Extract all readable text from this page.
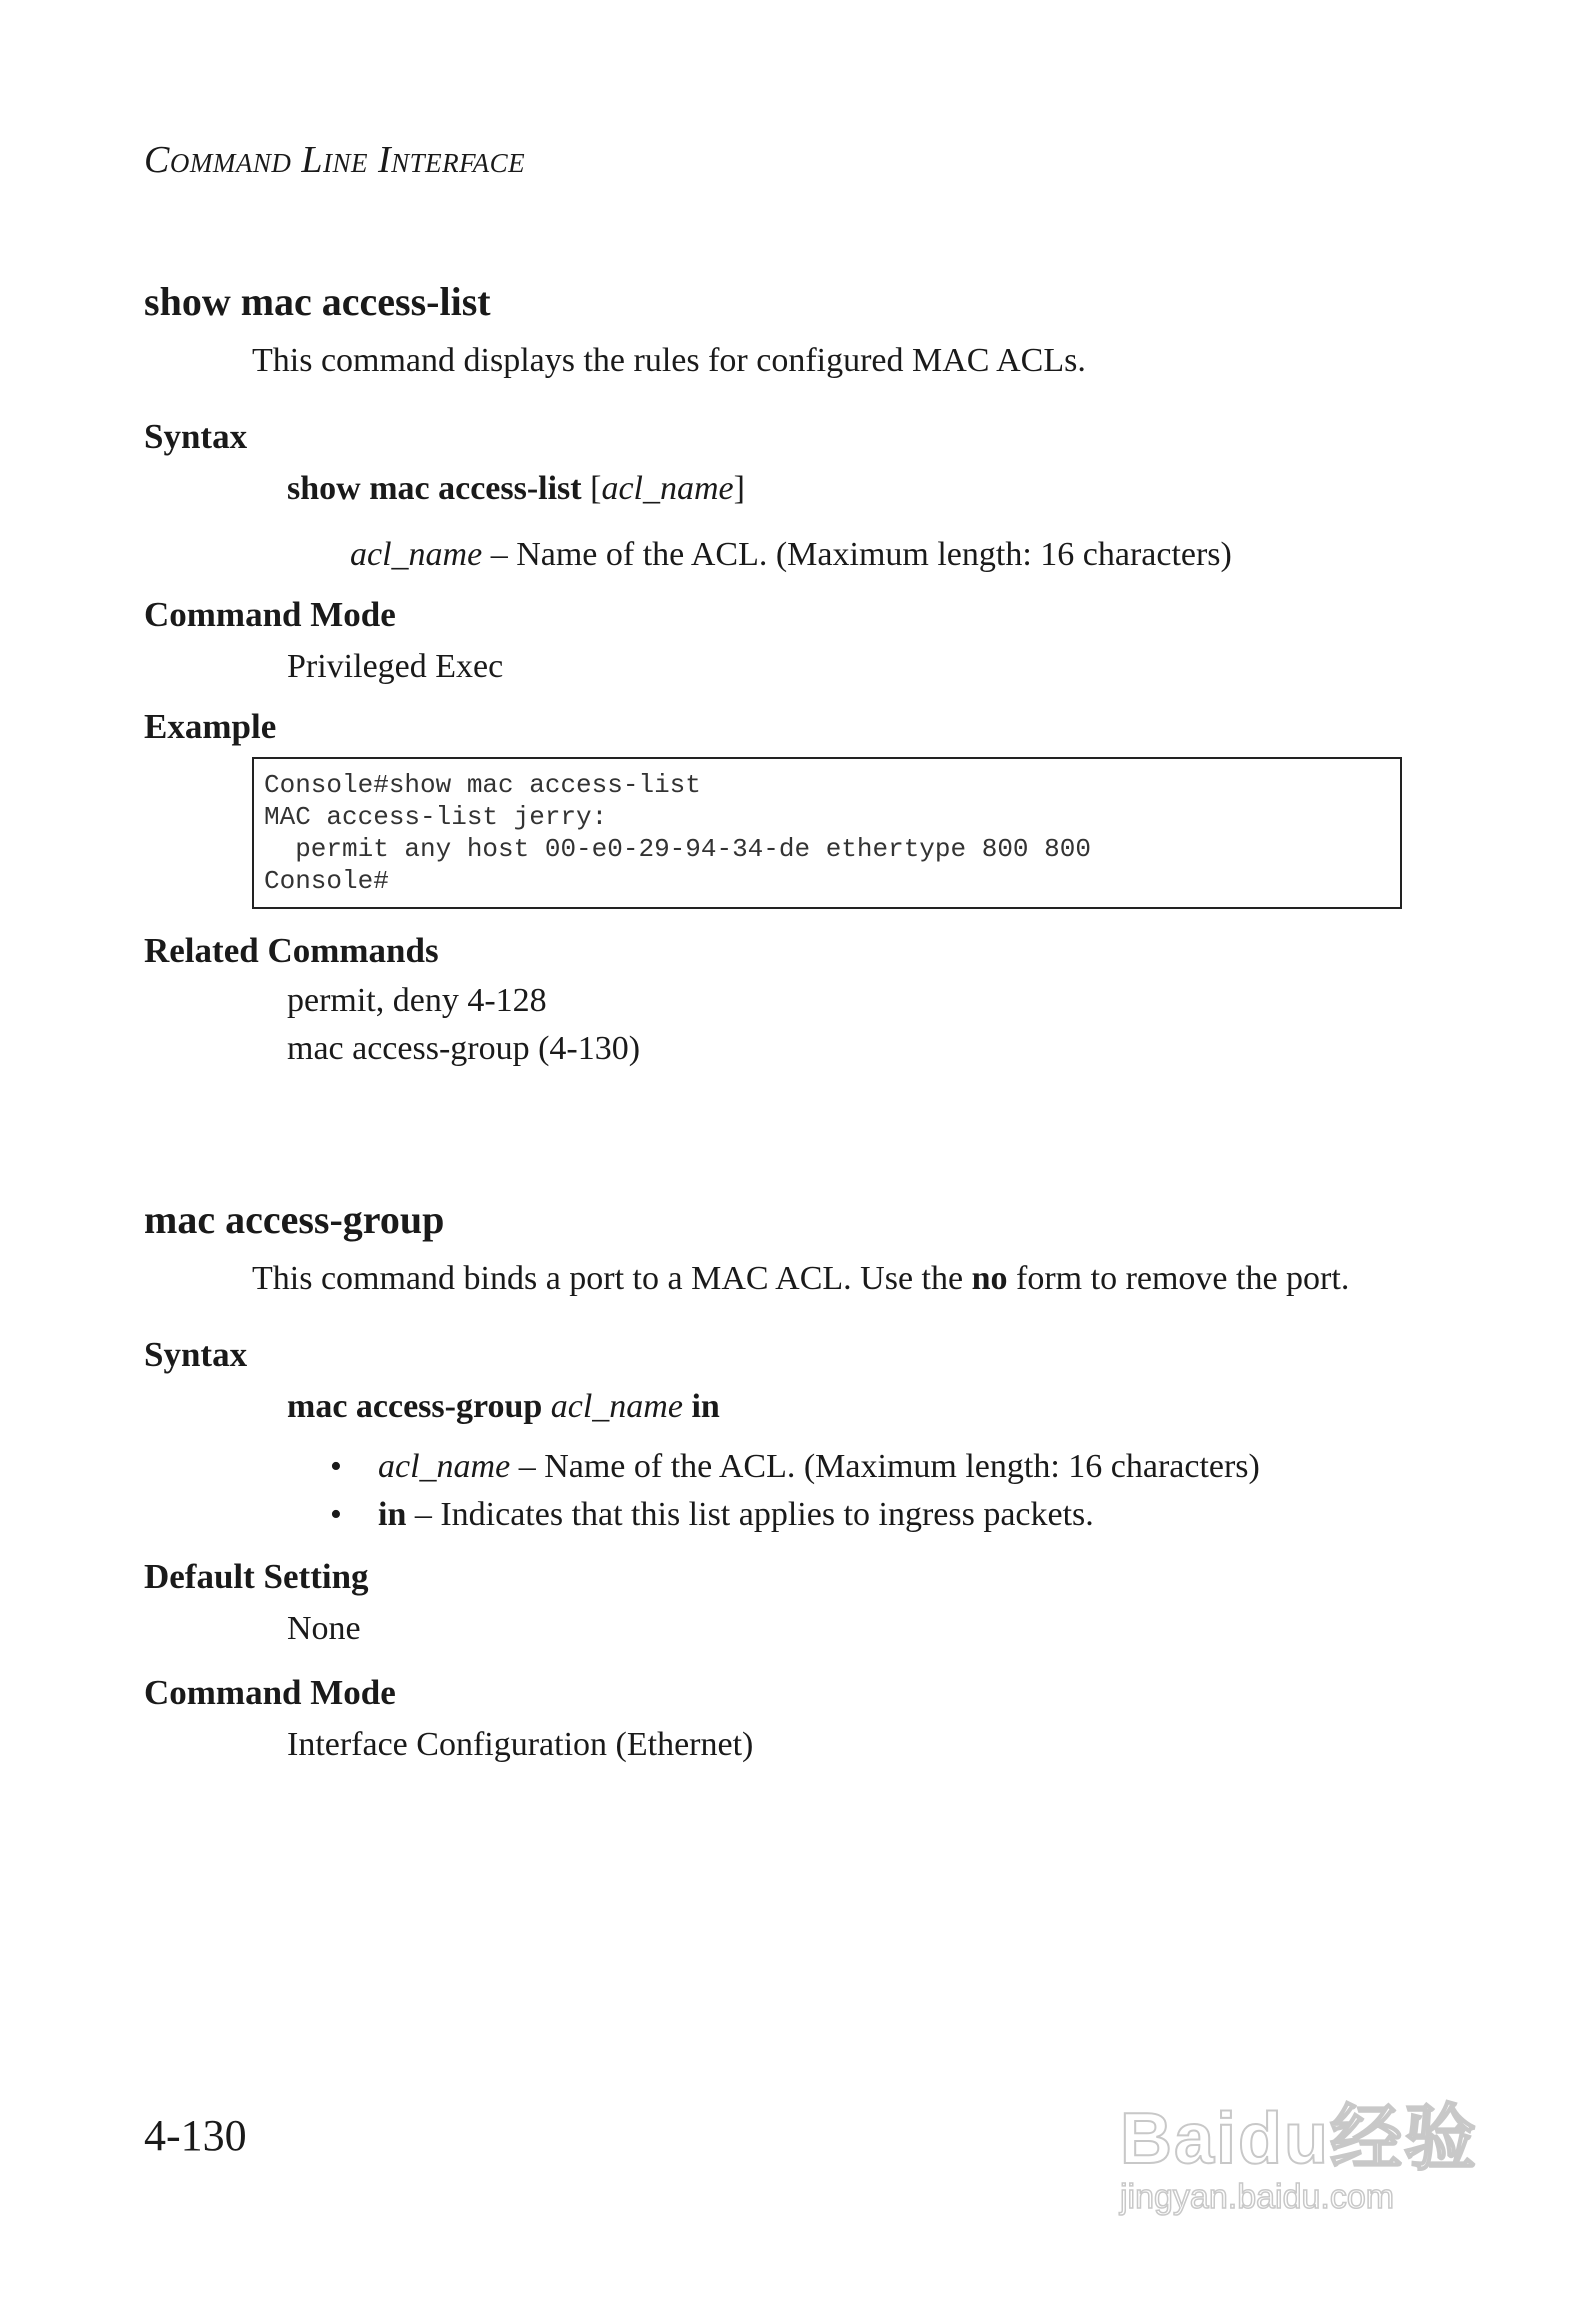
Command Line Interface
show mac access-list

This command displays the rules for configured MAC ACLs.

Syntax

show mac access-list [acl_name]

acl_name – Name of the ACL. (Maximum length: 16 characters)

Command Mode

Privileged Exec

Example
Console#show mac access-list
MAC access-list jerry:
permit any host 00-e0-29-94-34-de ethertype 800 800
Console#
Related Commands

permit, deny 4-128

mac access-group (4-130)

mac access-group

This command binds a port to a MAC ACL. Use the no form to remove the port.

Syntax

mac access-group acl_name in

• acl_name – Name of the ACL. (Maximum length: 16 characters)
• in – Indicates that this list applies to ingress packets.
Default Setting

None

Command Mode

Interface Configuration (Ethernet)

4-130	Baidu经验
jingyan.baidu.com
